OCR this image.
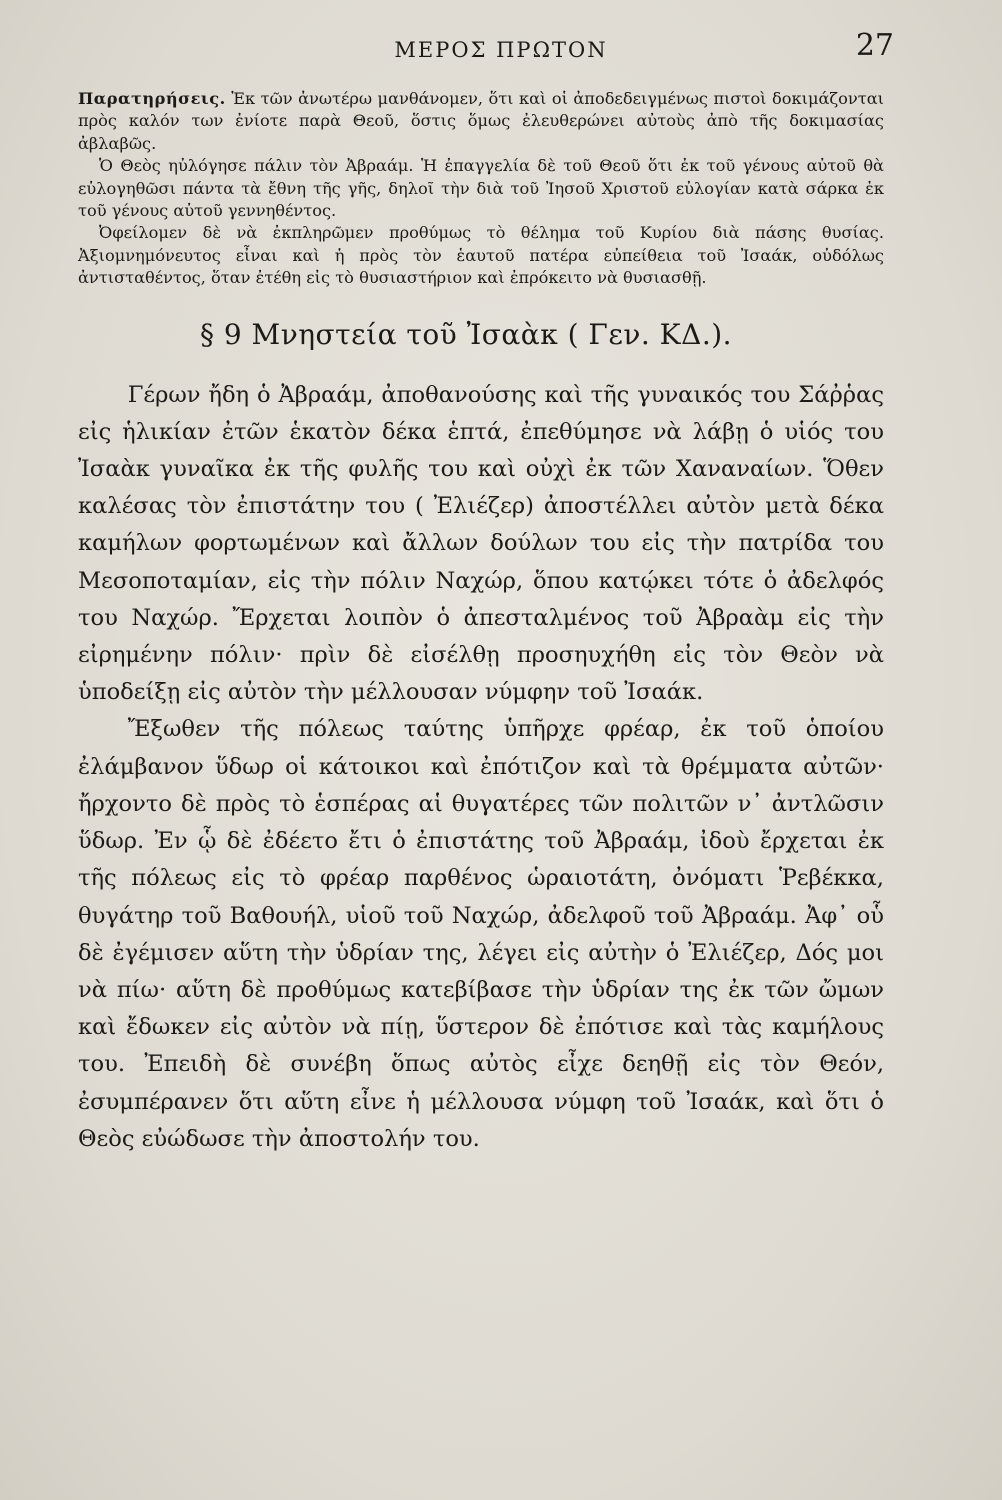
ΜΕΡΟΣ ΠΡΩΤΟΝ	27

Παρατηρήσεις. Ἐκ τῶν ἀνωτέρω μανθάνομεν, ὅτι καὶ οἱ ἀποδεδειγμένως πιστοὶ δοκιμάζονται πρὸς καλόν των ἐνίοτε παρὰ Θεοῦ, ὅστις ὅμως ἐλευθερώνει αὐτοὺς ἀπὸ τῆς δοκιμασίας ἀβλαβῶς.

Ὁ Θεὸς ηὐλόγησε πάλιν τὸν Ἀβραάμ. Ἡ ἐπαγγελία δὲ τοῦ Θεοῦ ὅτι ἐκ τοῦ γένους αὐτοῦ θὰ εὐλογηθῶσι πάντα τὰ ἔθνη τῆς γῆς, δηλοῖ τὴν διὰ τοῦ Ἰησοῦ Χριστοῦ εὐλογίαν κατὰ σάρκα ἐκ τοῦ γένους αὐτοῦ γεννηθέντος.

Ὀφείλομεν δὲ νὰ ἐκπληρῶμεν προθύμως τὸ θέλημα τοῦ Κυρίου διὰ πάσης θυσίας. Ἀξιομνημόνευτος εἶναι καὶ ἡ πρὸς τὸν ἑαυτοῦ πατέρα εὐπείθεια τοῦ Ἰσαάκ, οὐδόλως ἀντισταθέντος, ὅταν ἐτέθη εἰς τὸ θυσιαστήριον καὶ ἐπρόκειτο νὰ θυσιασθῇ.

§ 9 Μνηστεία τοῦ Ἰσαὰκ ( Γεν. ΚΔ.).

Γέρων ἤδη ὁ Ἀβραάμ, ἀποθανούσης καὶ τῆς γυναικός του Σάῤῥας εἰς ἡλικίαν ἐτῶν ἑκατὸν δέκα ἑπτά, ἐπεθύμησε νὰ λάβῃ ὁ υἱός του Ἰσαὰκ γυναῖκα ἐκ τῆς φυλῆς του καὶ οὐχὶ ἐκ τῶν Χαναναίων. Ὅθεν καλέσας τὸν ἐπιστάτην του ( Ἐλιέζερ) ἀποστέλλει αὐτὸν μετὰ δέκα καμήλων φορτωμένων καὶ ἄλλων δούλων του εἰς τὴν πατρίδα του Μεσοποταμίαν, εἰς τὴν πόλιν Ναχώρ, ὅπου κατῴκει τότε ὁ ἀδελφός του Ναχώρ. Ἔρχεται λοιπὸν ὁ ἀπεσταλμένος τοῦ Ἀβραὰμ εἰς τὴν εἰρημένην πόλιν· πρὶν δὲ εἰσέλθῃ προσηυχήθη εἰς τὸν Θεὸν νὰ ὑποδείξῃ εἰς αὐτὸν τὴν μέλλουσαν νύμφην τοῦ Ἰσαάκ.

Ἔξωθεν τῆς πόλεως ταύτης ὑπῆρχε φρέαρ, ἐκ τοῦ ὁποίου ἐλάμβανον ὕδωρ οἱ κάτοικοι καὶ ἐπότιζον καὶ τὰ θρέμματα αὐτῶν· ἤρχοντο δὲ πρὸς τὸ ἑσπέρας αἱ θυγατέρες τῶν πολιτῶν ν᾿ ἀντλῶσιν ὕδωρ. Ἐν ᾧ δὲ ἐδέετο ἔτι ὁ ἐπιστάτης τοῦ Ἀβραάμ, ἰδοὺ ἔρχεται ἐκ τῆς πόλεως εἰς τὸ φρέαρ παρθένος ὡραιοτάτη, ὀνόματι Ῥεβέκκα, θυγάτηρ τοῦ Βαθουήλ, υἱοῦ τοῦ Ναχώρ, ἀδελφοῦ τοῦ Ἀβραάμ. Ἀφ᾿ οὗ δὲ ἐγέμισεν αὕτη τὴν ὑδρίαν της, λέγει εἰς αὐτὴν ὁ Ἐλιέζερ, Δός μοι νὰ πίω· αὕτη δὲ προθύμως κατεβίβασε τὴν ὑδρίαν της ἐκ τῶν ὤμων καὶ ἔδωκεν εἰς αὐτὸν νὰ πίῃ, ὕστερον δὲ ἐπότισε καὶ τὰς καμήλους του. Ἐπειδὴ δὲ συνέβη ὅπως αὐτὸς εἶχε δεηθῇ εἰς τὸν Θεόν, ἐσυμπέρανεν ὅτι αὕτη εἶνε ἡ μέλλουσα νύμφη τοῦ Ἰσαάκ, καὶ ὅτι ὁ Θεὸς εὐώδωσε τὴν ἀποστολήν του.
